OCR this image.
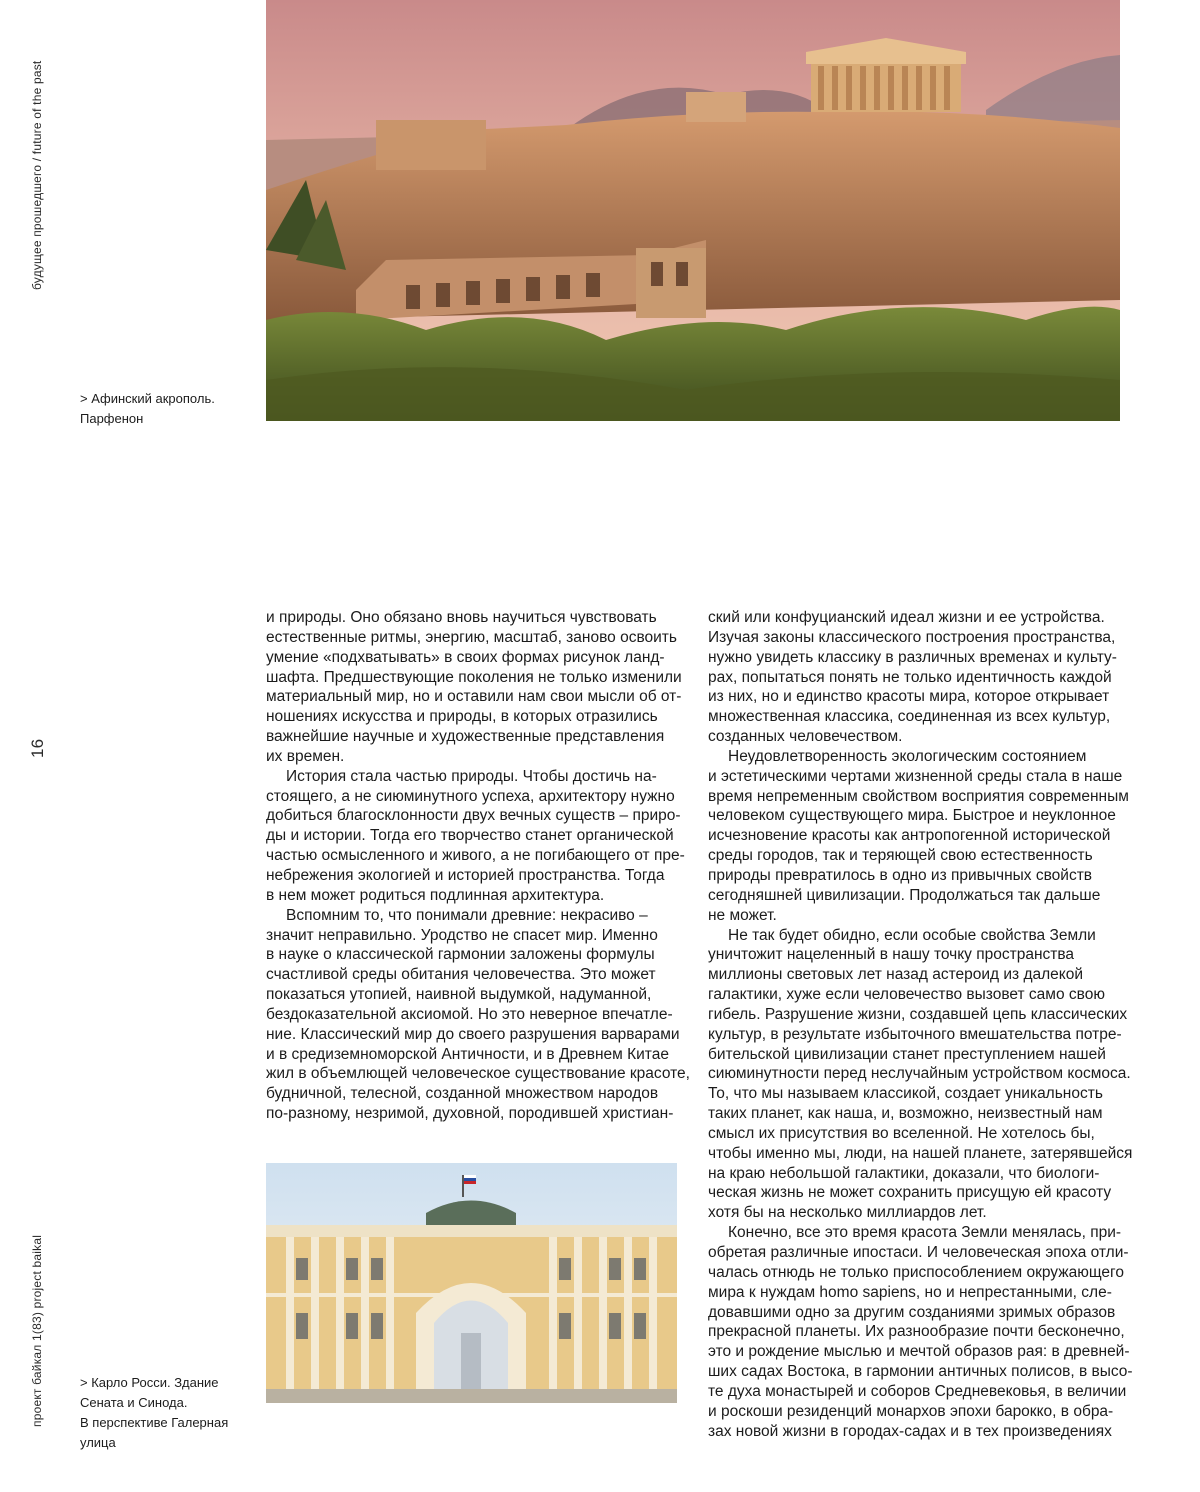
будущее прошедшего / future of the past
16
проект байкал 1(83) project baikal
> Афинский акрополь.
Парфенон
и природы. Оно обязано вновь научиться чувствовать
естественные ритмы, энергию, масштаб, заново освоить
умение «подхватывать» в своих формах рисунок ланд-
шафта. Предшествующие поколения не только изменили
материальный мир, но и оставили нам свои мысли об от-
ношениях искусства и природы, в которых отразились
важнейшие научные и художественные представления
их времен.
История стала частью природы. Чтобы достичь на-
стоящего, а не сиюминутного успеха, архитектору нужно
добиться благосклонности двух вечных существ – приро-
ды и истории. Тогда его творчество станет органической
частью осмысленного и живого, а не погибающего от пре-
небрежения экологией и историей пространства. Тогда
в нем может родиться подлинная архитектура.
Вспомним то, что понимали древние: некрасиво –
значит неправильно. Уродство не спасет мир. Именно
в науке о классической гармонии заложены формулы
счастливой среды обитания человечества. Это может
показаться утопией, наивной выдумкой, надуманной,
бездоказательной аксиомой. Но это неверное впечатле-
ние. Классический мир до своего разрушения варварами
и в средиземноморской Античности, и в Древнем Китае
жил в объемлющей человеческое существование красоте,
будничной, телесной, созданной множеством народов
по-разному, незримой, духовной, породившей христиан-
ский или конфуцианский идеал жизни и ее устройства.
Изучая законы классического построения пространства,
нужно увидеть классику в различных временах и культу-
рах, попытаться понять не только идентичность каждой
из них, но и единство красоты мира, которое открывает
множественная классика, соединенная из всех культур,
созданных человечеством.
Неудовлетворенность экологическим состоянием
и эстетическими чертами жизненной среды стала в наше
время непременным свойством восприятия современным
человеком существующего мира. Быстрое и неуклонное
исчезновение красоты как антропогенной исторической
среды городов, так и теряющей свою естественность
природы превратилось в одно из привычных свойств
сегодняшней цивилизации. Продолжаться так дальше
не может.
Не так будет обидно, если особые свойства Земли
уничтожит нацеленный в нашу точку пространства
миллионы световых лет назад астероид из далекой
галактики, хуже если человечество вызовет само свою
гибель. Разрушение жизни, создавшей цепь классических
культур, в результате избыточного вмешательства потре-
бительской цивилизации станет преступлением нашей
сиюминутности перед неслучайным устройством космоса.
То, что мы называем классикой, создает уникальность
таких планет, как наша, и, возможно, неизвестный нам
смысл их присутствия во вселенной. Не хотелось бы,
чтобы именно мы, люди, на нашей планете, затерявшейся
на краю небольшой галактики, доказали, что биологи-
ческая жизнь не может сохранить присущую ей красоту
хотя бы на несколько миллиардов лет.
Конечно, все это время красота Земли менялась, при-
обретая различные ипостаси. И человеческая эпоха отли-
чалась отнюдь не только приспособлением окружающего
мира к нуждам homo sapiens, но и непрестанными, сле-
довавшими одно за другим созданиями зримых образов
прекрасной планеты. Их разнообразие почти бесконечно,
это и рождение мыслью и мечтой образов рая: в древней-
ших садах Востока, в гармонии античных полисов, в высо-
те духа монастырей и соборов Средневековья, в величии
и роскоши резиденций монархов эпохи барокко, в обра-
зах новой жизни в городах-садах и в тех произведениях
> Карло Росси. Здание
Сената и Синода.
В перспективе Галерная
улица
